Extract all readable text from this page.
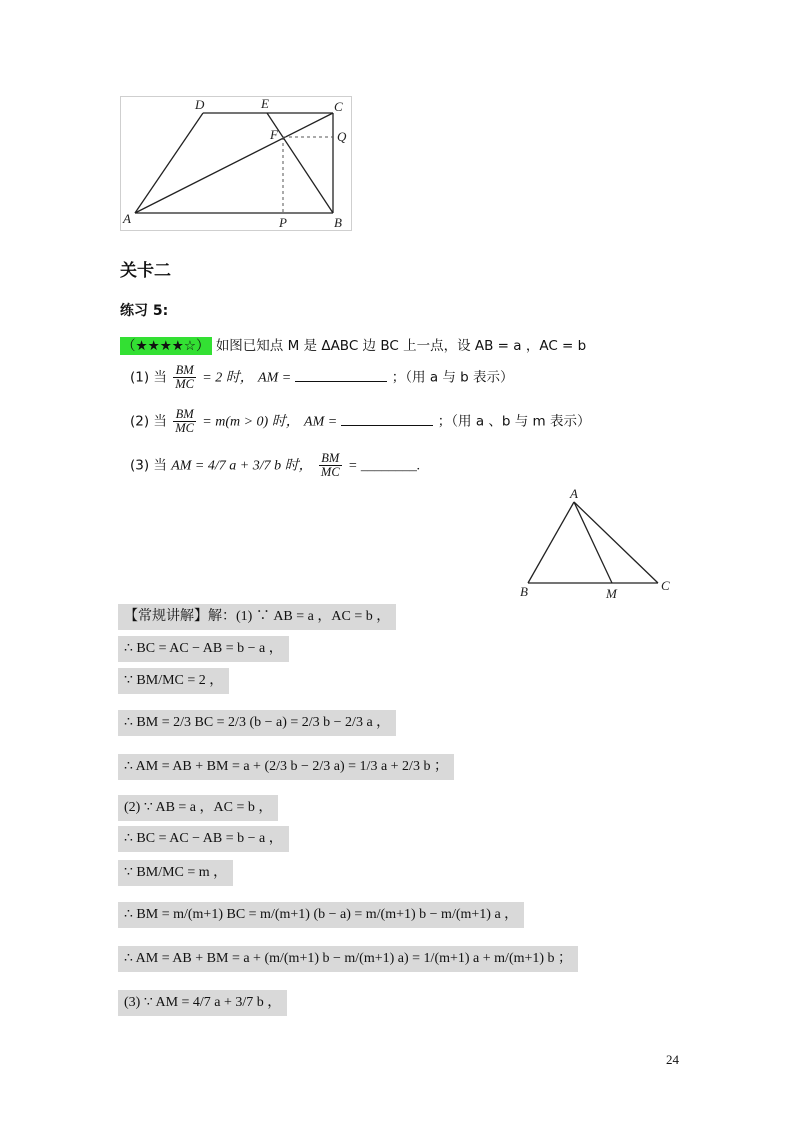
D	E	C
F	Q
A	P	B
关卡二
练习 5:
（★★★★☆） 如图已知点 M 是 ΔABC 边 BC 上一点，设 AB = a ，AC = b
(1) 当 $\frac{BM}{MC} = 2$ 时， AM =	；（用 a 与 b 表示）
(2) 当 $\frac{BM}{MC} = m(m > 0)$ 时， AM =	；（用 a 、b 与 m 表示）
(3) 当 AM = 4/7 a + 3/7 b 时， $\frac{BM}{MC}$ = ________.
A
B	M
C
【常规讲解】解：(1) ∵ AB = a ，AC = b ，
∴ BC = AC − AB = b − a ，
∵ BM/MC = 2 ，
∴ BM = 2/3 BC = 2/3 (b − a) = 2/3 b − 2/3 a ，
∴ AM = AB + BM = a + (2/3 b − 2/3 a) = 1/3 a + 2/3 b ；
(2) ∵ AB = a ，AC = b ，
∴ BC = AC − AB = b − a ，
∵ BM/MC = m ，
∴ BM = m/(m+1) BC = m/(m+1) (b − a) = m/(m+1) b − m/(m+1) a ，
∴ AM = AB + BM = a + (m/(m+1) b − m/(m+1) a) = 1/(m+1) a + m/(m+1) b ；
(3) ∵ AM = 4/7 a + 3/7 b ，
24
